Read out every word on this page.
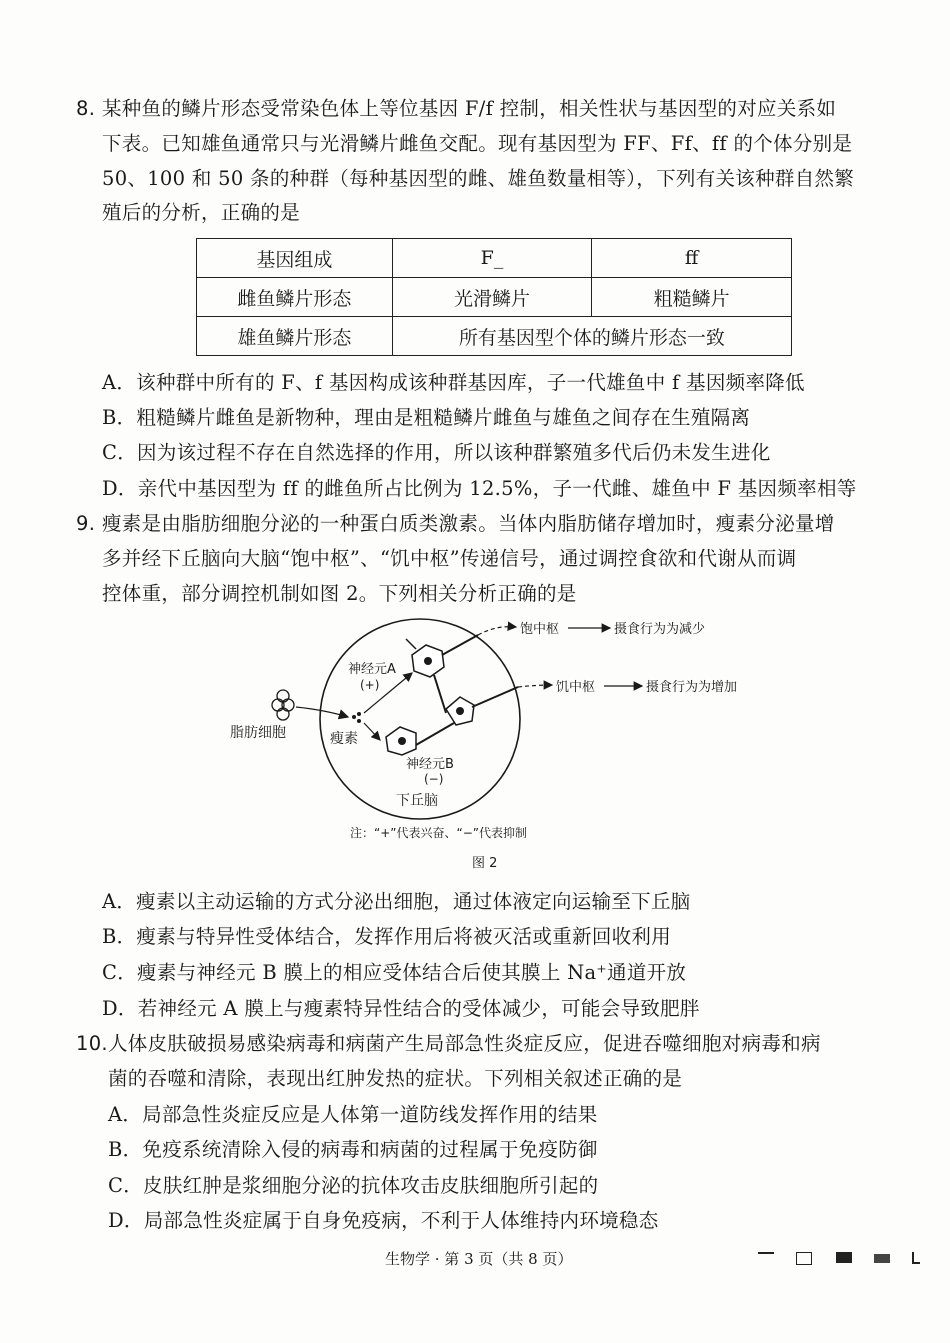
8. 某种鱼的鳞片形态受常染色体上等位基因 F/f 控制，相关性状与基因型的对应关系如
下表。已知雄鱼通常只与光滑鳞片雌鱼交配。现有基因型为 FF、Ff、ff 的个体分别是
50、100 和 50 条的种群（每种基因型的雌、雄鱼数量相等），下列有关该种群自然繁
殖后的分析，正确的是
基因组成	F_	ff
雌鱼鳞片形态	光滑鳞片	粗糙鳞片
雄鱼鳞片形态	所有基因型个体的鳞片形态一致	
A．该种群中所有的 F、f 基因构成该种群基因库，子一代雄鱼中 f 基因频率降低
B．粗糙鳞片雌鱼是新物种，理由是粗糙鳞片雌鱼与雄鱼之间存在生殖隔离
C．因为该过程不存在自然选择的作用，所以该种群繁殖多代后仍未发生进化
D．亲代中基因型为 ff 的雌鱼所占比例为 12.5%，子一代雌、雄鱼中 F 基因频率相等
9. 瘦素是由脂肪细胞分泌的一种蛋白质类激素。当体内脂肪储存增加时，瘦素分泌量增
多并经下丘脑向大脑“饱中枢”、“饥中枢”传递信号，通过调控食欲和代谢从而调
控体重，部分调控机制如图 2。下列相关分析正确的是
脂肪细胞	瘦素
神经元A
(+)
神经元B
(−)
下丘脑
饱中枢	摄食行为为减少
饥中枢	摄食行为为增加
注：“+”代表兴奋、“−”代表抑制
图 2
A．瘦素以主动运输的方式分泌出细胞，通过体液定向运输至下丘脑
B．瘦素与特异性受体结合，发挥作用后将被灭活或重新回收利用
C．瘦素与神经元 B 膜上的相应受体结合后使其膜上 Na⁺通道开放
D．若神经元 A 膜上与瘦素特异性结合的受体减少，可能会导致肥胖
10. 人体皮肤破损易感染病毒和病菌产生局部急性炎症反应，促进吞噬细胞对病毒和病
菌的吞噬和清除，表现出红肿发热的症状。下列相关叙述正确的是
A．局部急性炎症反应是人体第一道防线发挥作用的结果
B．免疫系统清除入侵的病毒和病菌的过程属于免疫防御
C．皮肤红肿是浆细胞分泌的抗体攻击皮肤细胞所引起的
D．局部急性炎症属于自身免疫病，不利于人体维持内环境稳态
生物学 · 第 3 页（共 8 页）
